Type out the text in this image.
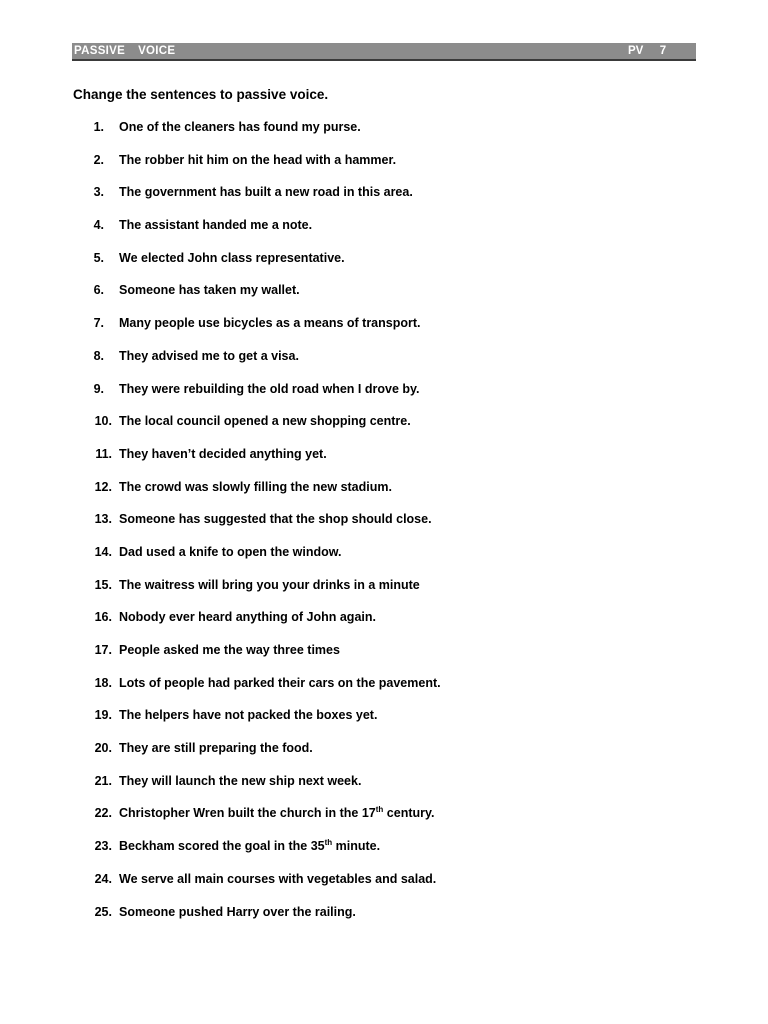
PASSIVE  VOICE	PV  7
Change the sentences to passive voice.
1.	One of the cleaners has found my purse.
2.	The robber hit him on the head with a hammer.
3.	The government has built a new road in this area.
4.	The assistant handed me a note.
5.	We elected John class representative.
6.	Someone has taken my wallet.
7.	Many people use bicycles as a means of transport.
8.	They advised me to get a visa.
9.	They were rebuilding the old road when I drove by.
10. The local council opened a new shopping centre.
11. They haven’t decided anything yet.
12. The crowd was slowly filling the new stadium.
13. Someone has suggested that the shop should close.
14. Dad used a knife to open the window.
15. The waitress will bring you your drinks in a minute
16. Nobody ever heard anything of John again.
17. People asked me the way three times
18. Lots of people had parked their cars on the pavement.
19. The helpers have not packed the boxes yet.
20. They are still preparing the food.
21. They will launch the new ship next week.
22. Christopher Wren built the church in the 17th century.
23. Beckham scored the goal in the 35th minute.
24. We serve all main courses with vegetables and salad.
25. Someone pushed Harry over the railing.
